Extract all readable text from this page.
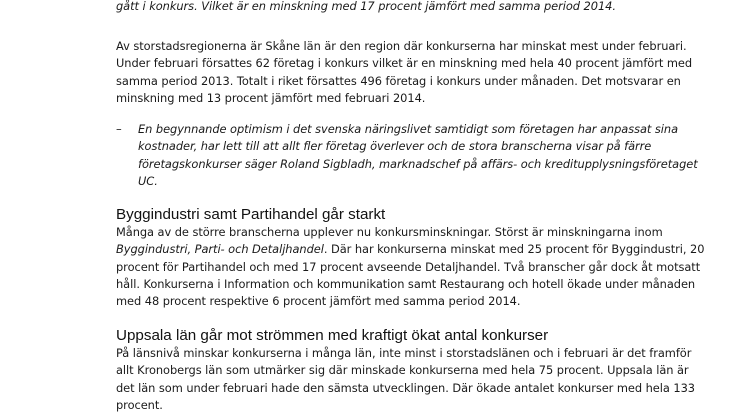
gått i konkurs. Vilket är en minskning med 17 procent jämfört med samma period 2014.

Av storstadsregionerna är Skåne län är den region där konkurserna har minskat mest under februari.
Under februari försattes 62 företag i konkurs vilket är en minskning med hela 40 procent jämfört med
samma period 2013. Totalt i riket försattes 496 företag i konkurs under månaden. Det motsvarar en
minskning med 13 procent jämfört med februari 2014.

– En begynnande optimism i det svenska näringslivet samtidigt som företagen har anpassat sina
kostnader, har lett till att allt fler företag överlever och de stora branscherna visar på färre
företagskonkurser säger Roland Sigbladh, marknadschef på affärs- och kreditupplysningsföretaget
UC.

Byggindustri samt Partihandel går starkt

Många av de större branscherna upplever nu konkursminskningar. Störst är minskningarna inom
Byggindustri, Parti- och Detaljhandel. Där har konkurserna minskat med 25 procent för Byggindustri, 20
procent för Partihandel och med 17 procent avseende Detaljhandel. Två branscher går dock åt motsatt
håll. Konkurserna i Information och kommunikation samt Restaurang och hotell ökade under månaden
med 48 procent respektive 6 procent jämfört med samma period 2014.

Uppsala län går mot strömmen med kraftigt ökat antal konkurser

På länsnivå minskar konkurserna i många län, inte minst i storstadslänen och i februari är det framför
allt Kronobergs län som utmärker sig där minskade konkurserna med hela 75 procent. Uppsala län är
det län som under februari hade den sämsta utvecklingen. Där ökade antalet konkurser med hela 133
procent.
